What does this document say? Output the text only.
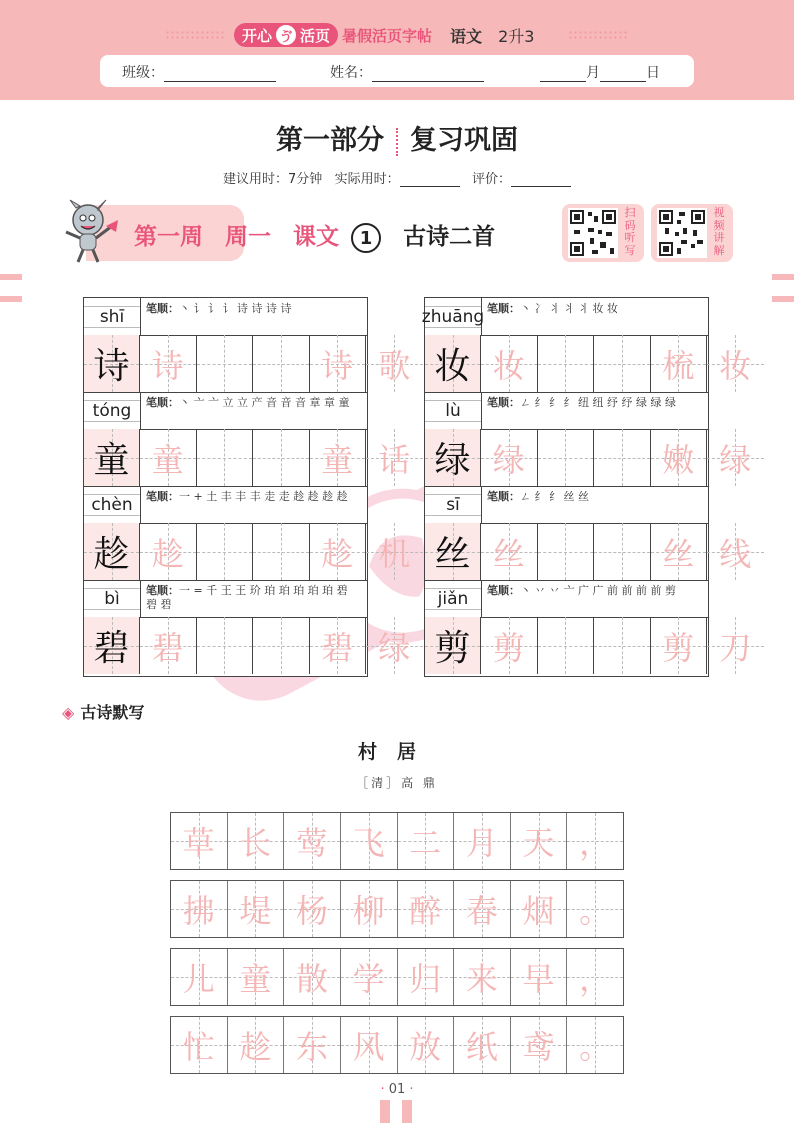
开心 ゔ 活页 暑假活页字帖 语文 2升3
班级：	姓名：	月	日
第一部分 复习巩固
建议用时：7分钟 实际用时：	评价：
第一周 周一 课文 1 古诗二首
扫码听写
视频讲解
shī 笔顺：丶 讠 讠 讠 诗 诗 诗 诗
诗 诗	诗 歌
tóng 笔顺：丶 亠 亠 立 立 产 音 音 音 章 章 童
童 童	童 话
chèn 笔顺：一 + 土 丰 丰 丰 走 走 趁 趁 趁 趁
趁 趁	趁 机
bì 笔顺：一 = 千 王 王 玠 珀 珀 珀 珀 珀 碧 碧 碧
碧 碧	碧 绿
zhuāng 笔顺：丶 冫 丬 丬 丬 妆 妆
妆 妆	梳 妆
lù 笔顺：ㄥ 纟 纟 纟 纽 纽 纾 纾 绿 绿 绿
绿 绿	嫩 绿
sī 笔顺：ㄥ 纟 纟 丝 丝
丝 丝	丝 线
jiǎn 笔顺：丶 丷 丷 亠 广 广 前 前 前 前 剪
剪 剪	剪 刀
◈ 古诗默写
村居
［清］高 鼎
草 长 莺 飞 二 月 天 ，
拂 堤 杨 柳 醉 春 烟 。
儿 童 散 学 归 来 早 ，
忙 趁 东 风 放 纸 鸢 。
· 01 ·
